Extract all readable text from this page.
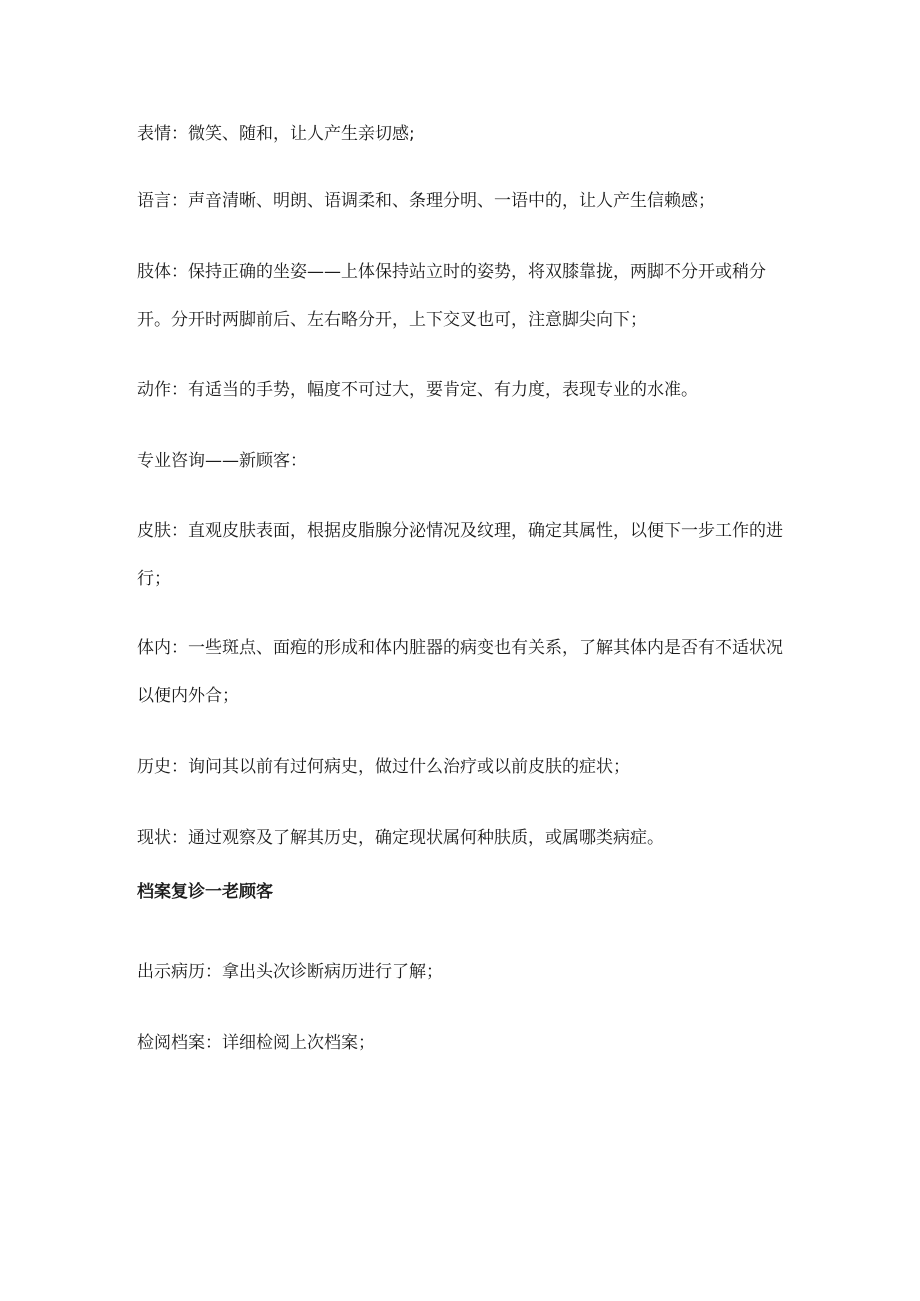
表情：微笑、随和，让人产生亲切感;

语言：声音清晰、明朗、语调柔和、条理分明、一语中的，让人产生信赖感；

肢体：保持正确的坐姿——上体保持站立时的姿势，将双膝靠拢，两脚不分开或稍分开。分开时两脚前后、左右略分开，上下交叉也可，注意脚尖向下；

动作：有适当的手势，幅度不可过大，要肯定、有力度，表现专业的水准。

专业咨询——新顾客：

皮肤：直观皮肤表面，根据皮脂腺分泌情况及纹理，确定其属性，以便下一步工作的进行；

体内：一些斑点、面疱的形成和体内脏器的病变也有关系，了解其体内是否有不适状况以便内外合；

历史：询问其以前有过何病史，做过什么治疗或以前皮肤的症状；

现状：通过观察及了解其历史，确定现状属何种肤质，或属哪类病症。

档案复诊一老顾客

出示病历：拿出头次诊断病历进行了解；

检阅档案：详细检阅上次档案；
